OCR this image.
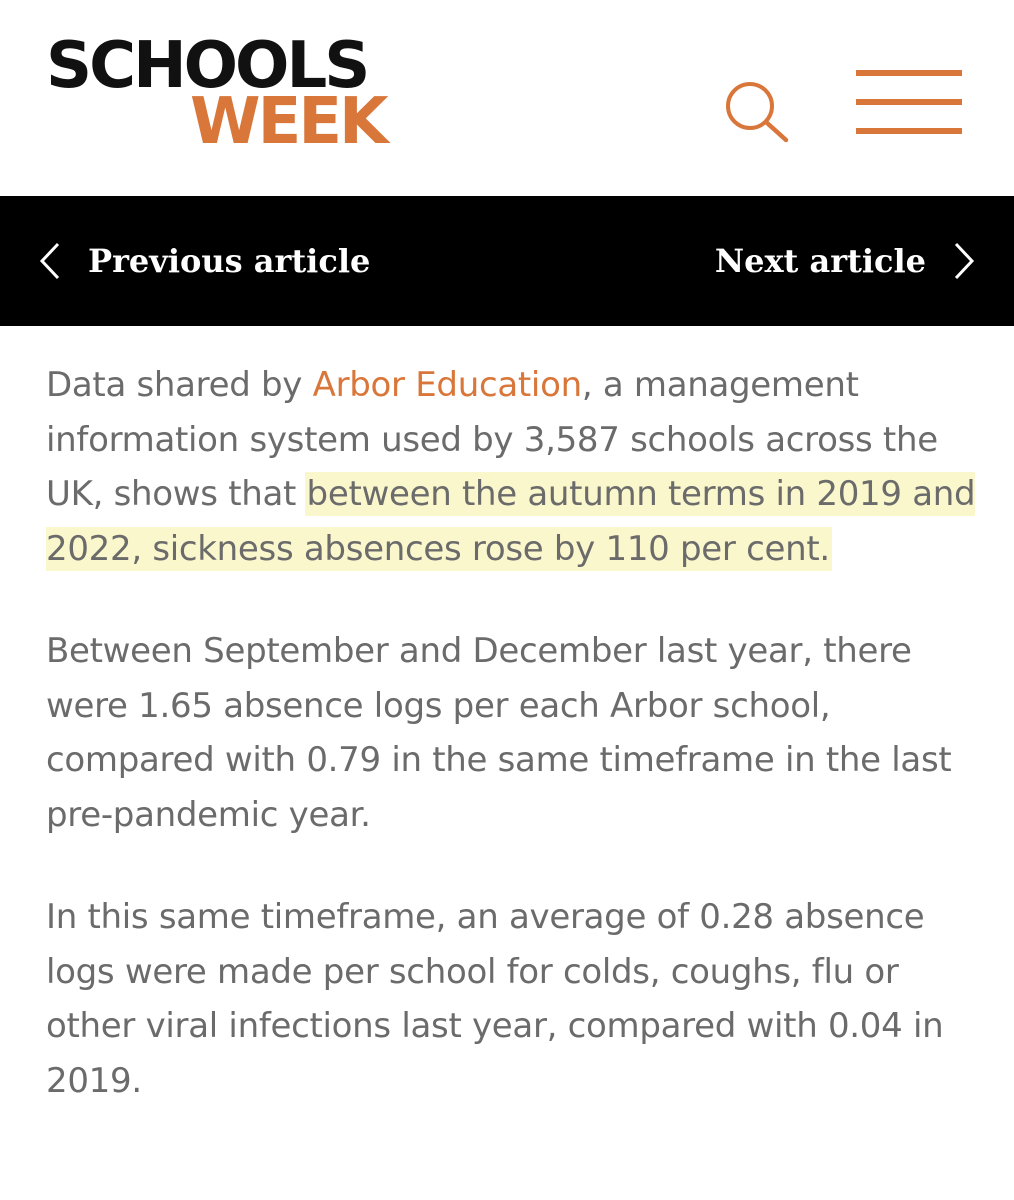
SCHOOLS
WEEK
Previous article	Next article

Data shared by Arbor Education, a management information system used by 3,587 schools across the UK, shows that between the autumn terms in 2019 and 2022, sickness absences rose by 110 per cent.

Between September and December last year, there were 1.65 absence logs per each Arbor school, compared with 0.79 in the same timeframe in the last pre-pandemic year.

In this same timeframe, an average of 0.28 absence logs were made per school for colds, coughs, flu or other viral infections last year, compared with 0.04 in 2019.
